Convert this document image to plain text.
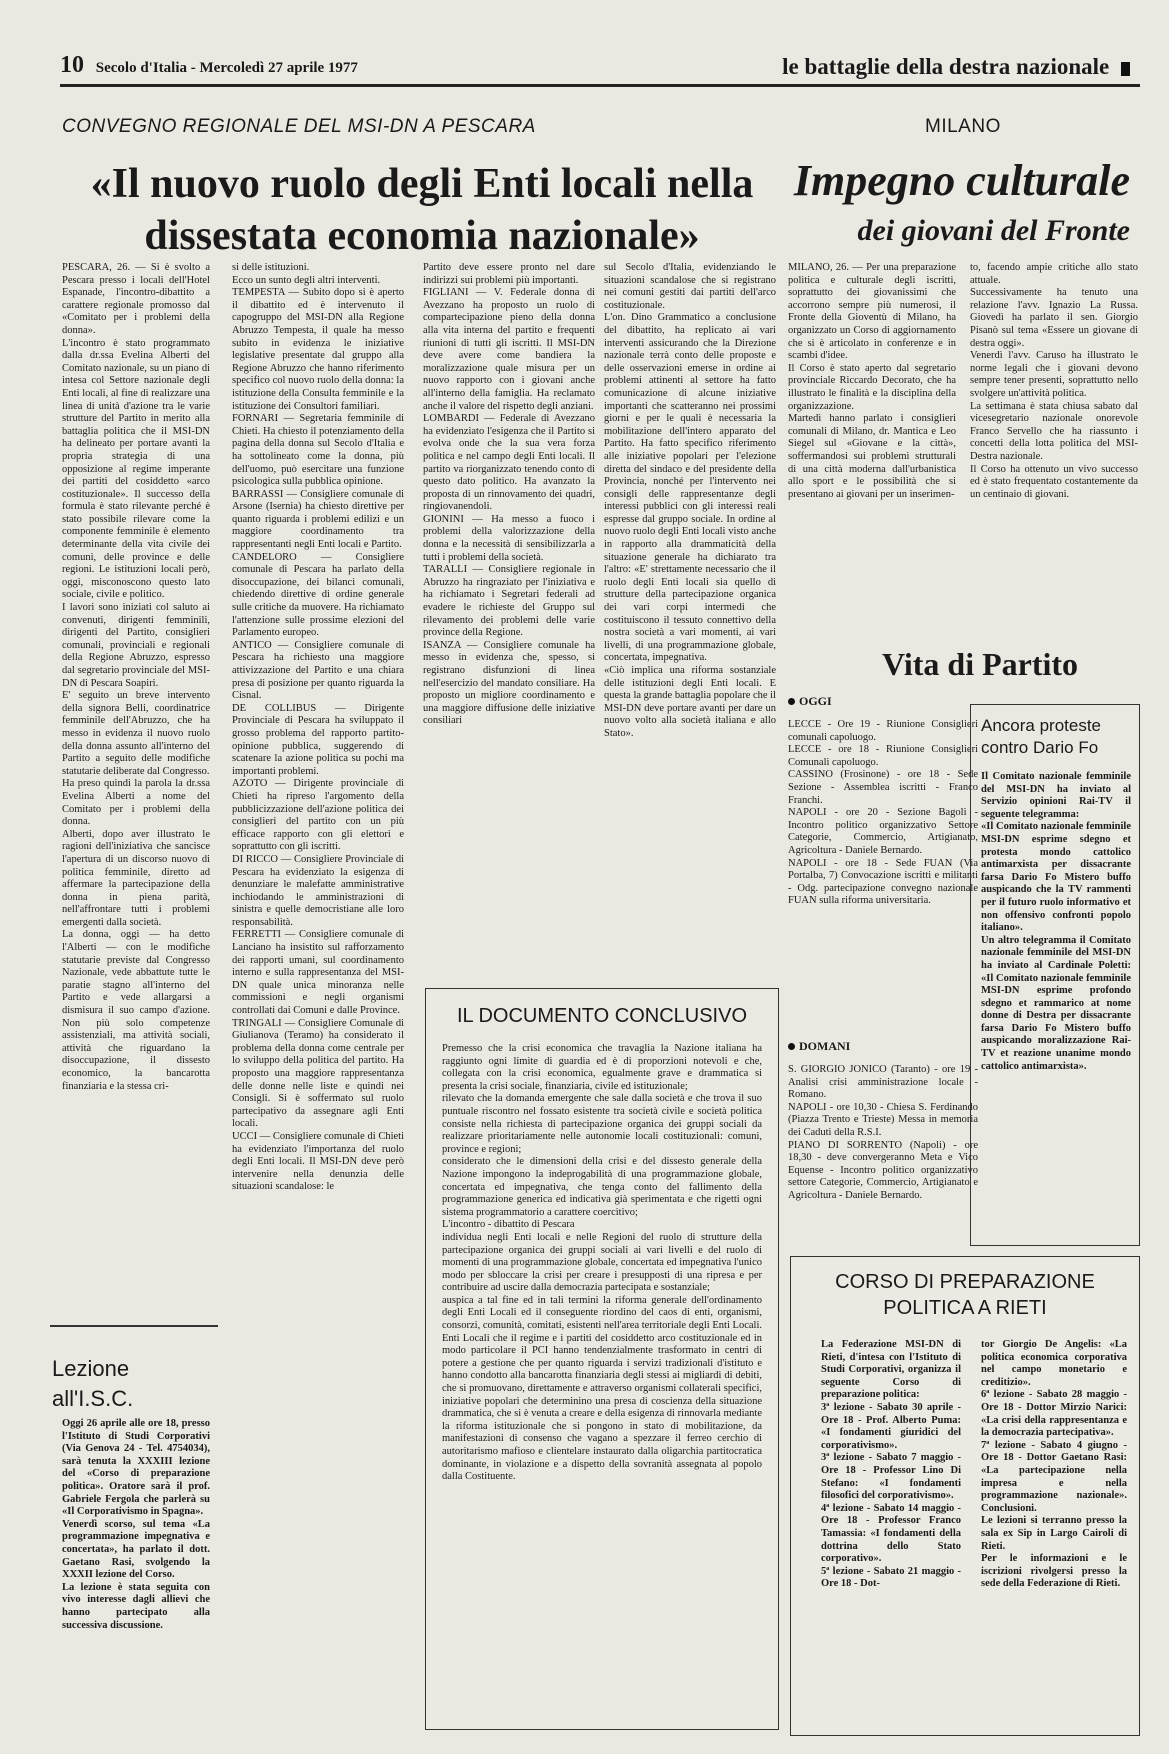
10 Secolo d'Italia - Mercoledì 27 aprile 1977	le battaglie della destra nazionale
CONVEGNO REGIONALE DEL MSI-DN A PESCARA
«Il nuovo ruolo degli Enti locali nella dissestata economia nazionale»
PESCARA, 26. — Si è svolto a Pescara presso i locali dell'Hotel Espanade, l'incontro-dibattito a carattere regionale promosso dal «Comitato per i problemi della donna».
L'incontro è stato programmato dalla dr.ssa Evelina Alberti del Comitato nazionale, su un piano di intesa col Settore nazionale degli Enti locali, al fine di realizzare una linea di unità d'azione tra le varie strutture del Partito in merito alla battaglia politica che il MSI-DN ha delineato per portare avanti la propria strategia di una opposizione al regime imperante dei partiti del cosiddetto «arco costituzionale». Il successo della formula è stato rilevante perché è stato possibile rilevare come la componente femminile è elemento determinante della vita civile dei comuni, delle province e delle regioni. Le istituzioni locali però, oggi, misconoscono questo lato sociale, civile e politico.
I lavori sono iniziati col saluto ai convenuti, dirigenti femminili, dirigenti del Partito, consiglieri comunali, provinciali e regionali della Regione Abruzzo, espresso dal segretario provinciale del MSI-DN di Pescara Soapiri.
E' seguito un breve intervento della signora Belli, coordinatrice femminile dell'Abruzzo, che ha messo in evidenza il nuovo ruolo della donna assunto all'interno del Partito a seguito delle modifiche statutarie deliberate dal Congresso.
Ha preso quindi la parola la dr.ssa Evelina Alberti a nome del Comitato per i problemi della donna.
Alberti, dopo aver illustrato le ragioni dell'iniziativa che sancisce l'apertura di un discorso nuovo di politica femminile, diretto ad affermare la partecipazione della donna in piena parità, nell'affrontare tutti i problemi emergenti dalla società.
La donna, oggi — ha detto l'Alberti — con le modifiche statutarie previste dal Congresso Nazionale, vede abbattute tutte le paratie stagno all'interno del Partito e vede allargarsi a dismisura il suo campo d'azione. Non più solo competenze assistenziali, ma attività sociali, attività che riguardano la disoccupazione, il dissesto economico, la bancarotta finanziaria e la stessa cri-
si delle istituzioni.
Ecco un sunto degli altri interventi.
TEMPESTA — Subito dopo si è aperto il dibattito ed è intervenuto il capogruppo del MSI-DN alla Regione Abruzzo Tempesta, il quale ha messo subito in evidenza le iniziative legislative presentate dal gruppo alla Regione Abruzzo che hanno riferimento specifico col nuovo ruolo della donna: la istituzione della Consulta femminile e la istituzione dei Consultori familiari.
FORNARI — Segretaria femminile di Chieti. Ha chiesto il potenziamento della pagina della donna sul Secolo d'Italia e ha sottolineato come la donna, più dell'uomo, può esercitare una funzione psicologica sulla pubblica opinione.
BARRASSI — Consigliere comunale di Arsone (Isernia) ha chiesto direttive per quanto riguarda i problemi edilizi e un maggiore coordinamento tra rappresentanti negli Enti locali e Partito.
CANDELORO — Consigliere comunale di Pescara ha parlato della disoccupazione, dei bilanci comunali, chiedendo direttive di ordine generale sulle critiche da muovere. Ha richiamato l'attenzione sulle prossime elezioni del Parlamento europeo.
ANTICO — Consigliere comunale di Pescara ha richiesto una maggiore attivizzazione del Partito e una chiara presa di posizione per quanto riguarda la Cisnal.
DE COLLIBUS — Dirigente Provinciale di Pescara ha sviluppato il grosso problema del rapporto partito-opinione pubblica, suggerendo di scatenare la azione politica su pochi ma importanti problemi.
AZOTO — Dirigente provinciale di Chieti ha ripreso l'argomento della pubblicizzazione dell'azione politica dei consiglieri del partito con un più efficace rapporto con gli elettori e soprattutto con gli iscritti.
DI RICCO — Consigliere Provinciale di Pescara ha evidenziato la esigenza di denunziare le malefatte amministrative inchiodando le amministrazioni di sinistra e quelle democristiane alle loro responsabilità.
FERRETTI — Consigliere comunale di Lanciano ha insistito sul rafforzamento dei rapporti umani, sul coordinamento interno e sulla rappresentanza del MSI-DN quale unica minoranza nelle commissioni e negli organismi controllati dai Comuni e dalle Province.
TRINGALI — Consigliere Comunale di Giulianova (Teramo) ha considerato il problema della donna come centrale per lo sviluppo della politica del partito. Ha proposto una maggiore rappresentanza delle donne nelle liste e quindi nei Consigli. Si è soffermato sul ruolo partecipativo da assegnare agli Enti locali.
UCCI — Consigliere comunale di Chieti ha evidenziato l'importanza del ruolo degli Enti locali. Il MSI-DN deve però intervenire nella denunzia delle situazioni scandalose: le
Partito deve essere pronto nel dare indirizzi sui problemi più importanti.
FIGLIANI — V. Federale donna di Avezzano ha proposto un ruolo di compartecipazione pieno della donna alla vita interna del partito e frequenti riunioni di tutti gli iscritti. Il MSI-DN deve avere come bandiera la moralizzazione quale misura per un nuovo rapporto con i giovani anche all'interno della famiglia. Ha reclamato anche il valore del rispetto degli anziani.
LOMBARDI — Federale di Avezzano ha evidenziato l'esigenza che il Partito si evolva onde che la sua vera forza politica e nel campo degli Enti locali. Il partito va riorganizzato tenendo conto di questo dato politico. Ha avanzato la proposta di un rinnovamento dei quadri, ringiovanendoli.
GIONINI — Ha messo a fuoco i problemi della valorizzazione della donna e la necessità di sensibilizzarla a tutti i problemi della società.
TARALLI — Consigliere regionale in Abruzzo ha ringraziato per l'iniziativa e ha richiamato i Segretari federali ad evadere le richieste del Gruppo sul rilevamento dei problemi delle varie province della Regione.
ISANZA — Consigliere comunale ha messo in evidenza che, spesso, si registrano disfunzioni di linea nell'esercizio del mandato consiliare. Ha proposto un migliore coordinamento e una maggiore diffusione delle iniziative consiliari
sul Secolo d'Italia, evidenziando le situazioni scandalose che si registrano nei comuni gestiti dai partiti dell'arco costituzionale.
L'on. Dino Grammatico a conclusione del dibattito, ha replicato ai vari interventi assicurando che la Direzione nazionale terrà conto delle proposte e delle osservazioni emerse in ordine ai problemi attinenti al settore ha fatto comunicazione di alcune iniziative importanti che scatteranno nei prossimi giorni e per le quali è necessaria la mobilitazione dell'intero apparato del Partito. Ha fatto specifico riferimento alle iniziative popolari per l'elezione diretta del sindaco e del presidente della Provincia, nonché per l'intervento nei consigli delle rappresentanze degli interessi pubblici con gli interessi reali espresse dal gruppo sociale. In ordine al nuovo ruolo degli Enti locali visto anche in rapporto alla drammaticità della situazione generale ha dichiarato tra l'altro: «E' strettamente necessario che il ruolo degli Enti locali sia quello di strutture della partecipazione organica dei vari corpi intermedi che costituiscono il tessuto connettivo della nostra società a vari momenti, ai vari livelli, di una programmazione globale, concertata, impegnativa.
«Ciò implica una riforma sostanziale delle istituzioni degli Enti locali. E questa la grande battaglia popolare che il MSI-DN deve portare avanti per dare un nuovo volto alla società italiana e allo Stato».
IL DOCUMENTO CONCLUSIVO
Premesso che la crisi economica che travaglia la Nazione italiana ha raggiunto ogni limite di guardia ed è di proporzioni notevoli e che, collegata con la crisi economica, egualmente grave e drammatica si presenta la crisi sociale, finanziaria, civile ed istituzionale;
rilevato che la domanda emergente che sale dalla società e che trova il suo puntuale riscontro nel fossato esistente tra società civile e società politica consiste nella richiesta di partecipazione organica dei gruppi sociali da realizzare prioritariamente nelle autonomie locali costituzionali: comuni, province e regioni;
considerato che le dimensioni della crisi e del dissesto generale della Nazione impongono la indeprogabilità di una programmazione globale, concertata ed impegnativa, che tenga conto del fallimento della programmazione generica ed indicativa già sperimentata e che rigetti ogni sistema programmatorio a carattere coercitivo;
L'incontro - dibattito di Pescara
individua negli Enti locali e nelle Regioni del ruolo di strutture della partecipazione organica dei gruppi sociali ai vari livelli e del ruolo di momenti di una programmazione globale, concertata ed impegnativa l'unico modo per sbloccare la crisi per creare i presupposti di una ripresa e per contribuire ad uscire dalla democrazia partecipata e sostanziale;
auspica a tal fine ed in tali termini la riforma generale dell'ordinamento degli Enti Locali ed il conseguente riordino del caos di enti, organismi, consorzi, comunità, comitati, esistenti nell'area territoriale degli Enti Locali. Enti Locali che il regime e i partiti del cosiddetto arco costituzionale ed in modo particolare il PCI hanno tendenzialmente trasformato in centri di potere a gestione che per quanto riguarda i servizi tradizionali d'istituto e hanno condotto alla bancarotta finanziaria degli stessi ai migliardi di debiti, che si promuovano, direttamente e attraverso organismi collaterali specifici, iniziative popolari che determinino una presa di coscienza della situazione drammatica, che si è venuta a creare e della esigenza di rinnovarla mediante la riforma istituzionale che si pongono in stato di mobilitazione, da manifestazioni di consenso che vagano a spezzare il ferreo cerchio di autoritarismo mafioso e clientelare instaurato dalla oligarchia partitocratica dominante, in violazione e a dispetto della sovranità assegnata al popolo dalla Costituente.
Lezione
all'I.S.C.
Oggi 26 aprile alle ore 18, presso l'Istituto di Studi Corporativi (Via Genova 24 - Tel. 4754034), sarà tenuta la XXXIII lezione del «Corso di preparazione politica». Oratore sarà il prof. Gabriele Fergola che parlerà su «Il Corporativismo in Spagna».
Venerdì scorso, sul tema «La programmazione impegnativa e concertata», ha parlato il dott. Gaetano Rasi, svolgendo la XXXII lezione del Corso.
La lezione è stata seguita con vivo interesse dagli allievi che hanno partecipato alla successiva discussione.
MILANO
Impegno culturale
dei giovani del Fronte
MILANO, 26. — Per una preparazione politica e culturale degli iscritti, soprattutto dei giovanissimi che accorrono sempre più numerosi, il Fronte della Gioventù di Milano, ha organizzato un Corso di aggiornamento che si è articolato in conferenze e in scambi d'idee.
Il Corso è stato aperto dal segretario provinciale Riccardo Decorato, che ha illustrato le finalità e la disciplina della organizzazione.
Martedì hanno parlato i consiglieri comunali di Milano, dr. Mantica e Leo Siegel sul «Giovane e la città», soffermandosi sui problemi strutturali di una città moderna dall'urbanistica allo sport e le possibilità che si presentano ai giovani per un inserimen-
to, facendo ampie critiche allo stato attuale.
Successivamente ha tenuto una relazione l'avv. Ignazio La Russa. Giovedì ha parlato il sen. Giorgio Pisanò sul tema «Essere un giovane di destra oggi».
Venerdì l'avv. Caruso ha illustrato le norme legali che i giovani devono sempre tener presenti, soprattutto nello svolgere un'attività politica.
La settimana è stata chiusa sabato dal vicesegretario nazionale onorevole Franco Servello che ha riassunto i concetti della lotta politica del MSI-Destra nazionale.
Il Corso ha ottenuto un vivo successo ed è stato frequentato costantemente da un centinaio di giovani.
Vita di Partito
OGGI
LECCE - Ore 19 - Riunione Consiglieri comunali capoluogo.
LECCE - ore 18 - Riunione Consiglieri Comunali capoluogo.
CASSINO (Frosinone) - ore 18 - Sede Sezione - Assemblea iscritti - Franco Franchi.
NAPOLI - ore 20 - Sezione Bagoli - Incontro politico organizzativo Settore Categorie, Commercio, Artigianato, Agricoltura - Daniele Bernardo.
NAPOLI - ore 18 - Sede FUAN (Via Portalba, 7) Convocazione iscritti e militanti - Odg. partecipazione convegno nazionale FUAN sulla riforma universitaria.
DOMANI
S. GIORGIO JONICO (Taranto) - ore 19 - Analisi crisi amministrazione locale - Romano.
NAPOLI - ore 10,30 - Chiesa S. Ferdinando (Piazza Trento e Trieste) Messa in memoria dei Caduti della R.S.I.
PIANO DI SORRENTO (Napoli) - ore 18,30 - deve convergeranno Meta e Vico Equense - Incontro politico organizzativo settore Categorie, Commercio, Artigianato e Agricoltura - Daniele Bernardo.
Ancora proteste
contro Dario Fo
Il Comitato nazionale femminile del MSI-DN ha inviato al Servizio opinioni Rai-TV il seguente telegramma:
«Il Comitato nazionale femminile MSI-DN esprime sdegno et protesta mondo cattolico antimarxista per dissacrante farsa Dario Fo Mistero buffo auspicando che la TV rammenti per il futuro ruolo informativo et non offensivo confronti popolo italiano».
Un altro telegramma il Comitato nazionale femminile del MSI-DN ha inviato al Cardinale Poletti: «Il Comitato nazionale femminile MSI-DN esprime profondo sdegno et rammarico at nome donne di Destra per dissacrante farsa Dario Fo Mistero buffo auspicando moralizzazione Rai-TV et reazione unanime mondo cattolico antimarxista».
CORSO DI PREPARAZIONE
POLITICA A RIETI
La Federazione MSI-DN di Rieti, d'intesa con l'Istituto di Studi Corporativi, organizza il seguente Corso di preparazione politica:
3ª lezione - Sabato 30 aprile - Ore 18 - Prof. Alberto Puma: «I fondamenti giuridici del corporativismo».
3ª lezione - Sabato 7 maggio - Ore 18 - Professor Lino Di Stefano: «I fondamenti filosofici del corporativismo».
4ª lezione - Sabato 14 maggio - Ore 18 - Professor Franco Tamassia: «I fondamenti della dottrina dello Stato corporativo».
5ª lezione - Sabato 21 maggio - Ore 18 - Dot-
tor Giorgio De Angelis: «La politica economica corporativa nel campo monetario e creditizio».
6ª lezione - Sabato 28 maggio - Ore 18 - Dottor Mirzio Narici: «La crisi della rappresentanza e la democrazia partecipativa».
7ª lezione - Sabato 4 giugno - Ore 18 - Dottor Gaetano Rasi: «La partecipazione nella impresa e nella programmazione nazionale». Conclusioni.
Le lezioni si terranno presso la sala ex Sip in Largo Cairoli di Rieti.
Per le informazioni e le iscrizioni rivolgersi presso la sede della Federazione di Rieti.
